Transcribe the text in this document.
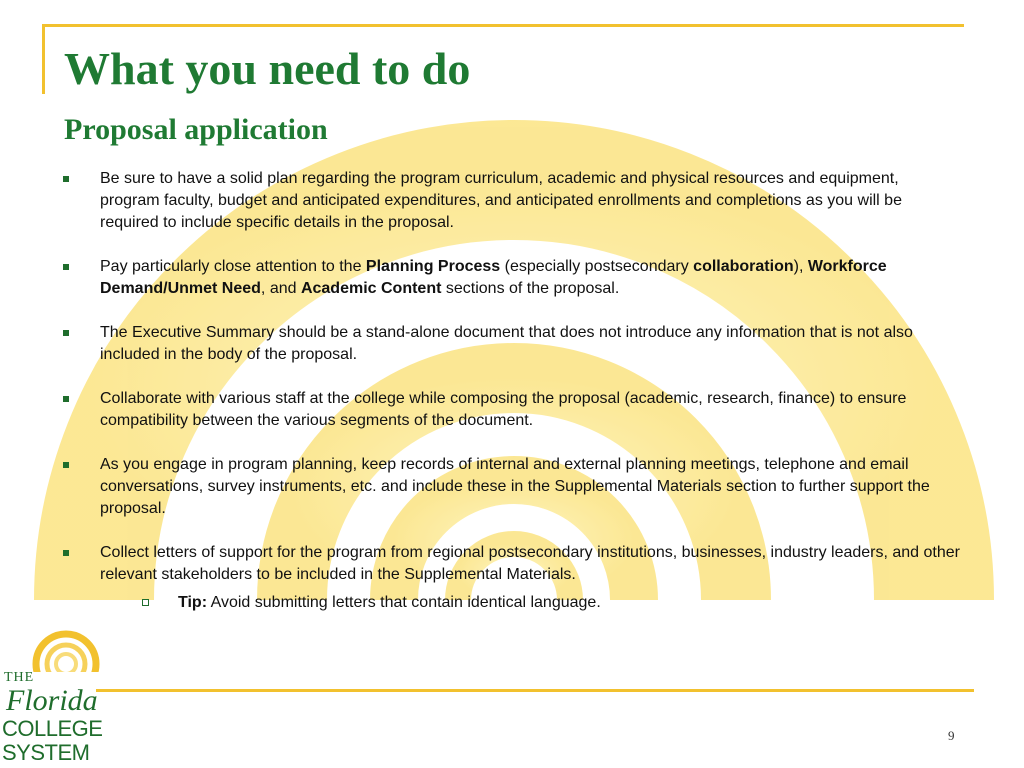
What you need to do
Proposal application
Be sure to have a solid plan regarding the program curriculum, academic and physical resources and equipment, program faculty, budget and anticipated expenditures, and anticipated enrollments and completions as you will be required to include specific details in the proposal.
Pay particularly close attention to the Planning Process (especially postsecondary collaboration), Workforce Demand/Unmet Need, and Academic Content sections of the proposal.
The Executive Summary should be a stand-alone document that does not introduce any information that is not also included in the body of the proposal.
Collaborate with various staff at the college while composing the proposal (academic, research, finance) to ensure compatibility between the various segments of the document.
As you engage in program planning, keep records of internal and external planning meetings, telephone and email conversations, survey instruments, etc. and include these in the Supplemental Materials section to further support the proposal.
Collect letters of support for the program from regional postsecondary institutions, businesses, industry leaders, and other relevant stakeholders to be included in the Supplemental Materials.
Tip: Avoid submitting letters that contain identical language.
THE
Florida
COLLEGE
SYSTEM
9
